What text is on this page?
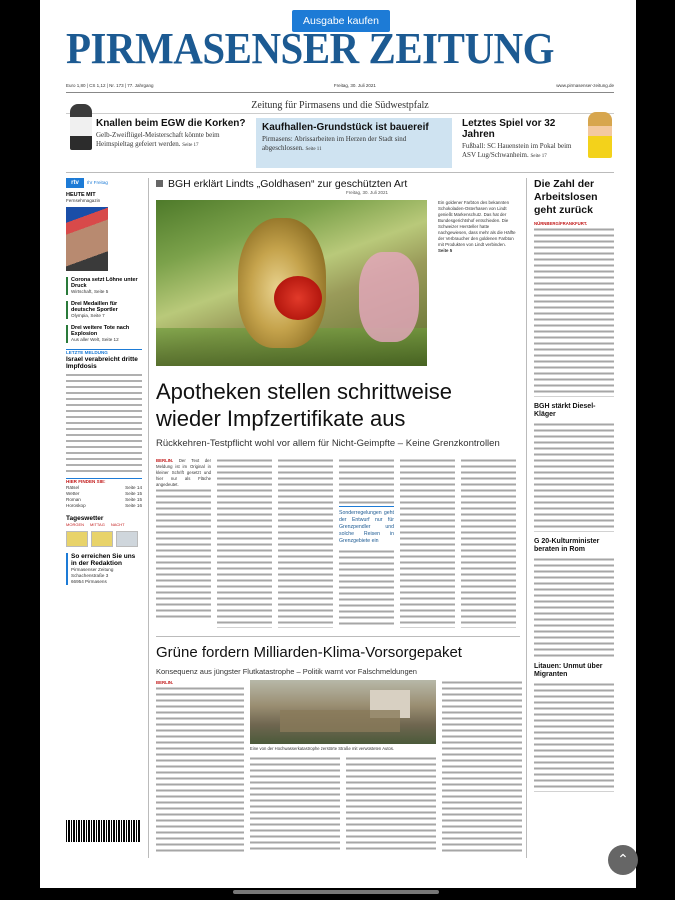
Ausgabe kaufen
PIRMASENSER ZEITUNG
Euro 1,80 | CS 1,12 | Nr. 173 | 77. Jahrgang	Freitag, 30. Juli 2021	www.pirmasenser-zeitung.de
Zeitung für Pirmasens und die Südwestpfalz
Knallen beim EGW die Korken?

Gelb-Zweiflügel-Meisterschaft könnte beim Heimspieltag gefeiert werden. Seite 17

Kaufhallen-Grundstück ist bauereif

Pirmasens: Abrissarbeiten im Herzen der Stadt sind abgeschlossen. Seite 11

Letztes Spiel vor 32 Jahren

Fußball: SC Hauenstein im Pokal beim ASV Lug/Schwanheim. Seite 17

rtv	Ihr Freitag
HEUTE MIT
Fernsehmagazin
Corona setzt Löhne unter Druck
Wirtschaft, Seite 5
Drei Medaillen für deutsche Sportler
Olympia, Seite 7
Drei weitere Tote nach Explosion
Aus aller Welt, Seite 12
LETZTE MELDUNG
Israel verabreicht dritte Impfdosis
HIER FINDEN SIE:
Rätsel	Seite 14
Wetter	Seite 15
Roman	Seite 15
Horoskop	Seite 16
Tageswetter
MORGEN MITTAG NACHT
So erreichen Sie uns in der Redaktion
Pirmasenser Zeitung
Schachenstraße 3
66954 Pirmasens
BGH erklärt Lindts „Goldhasen“ zur geschützten Art
Freitag, 30. Juli 2021
Ein goldener Farbton des bekannten Schokoladen-Osterhasen von Lindt genießt Markenschutz. Das hat der Bundesgerichtshof entschieden. Die Schweizer Hersteller hatte nachgewiesen, dass mehr als die Hälfte der Verbraucher den goldenen Farbton mit Produkten von Lindt verbinden. Seite 5
Apotheken stellen schrittweise
wieder Impfzertifikate aus
Rückkehren-Testpflicht wohl vor allem für Nicht-Geimpfte – Keine Grenzkontrollen
BERLIN. Der Text der Meldung ist im Original in kleiner Schrift gesetzt und hier nur als Fläche angedeutet.
Sonderregelungen geht der Entwurf nur für Grenzpendler und solche Reisen in Grenzgebiete ein
Grüne fordern Milliarden-Klima-Vorsorgepaket
Konsequenz aus jüngster Flutkatastrophe – Politik warnt vor Falschmeldungen
BERLIN.
Eine von der Hochwasserkatastrophe zerstörte Straße mit verwüsteten Autos.
Die Zahl der Arbeitslosen geht zurück
NÜRNBERG/FRANKFURT.
BGH stärkt Diesel-Kläger
G 20-Kulturminister beraten in Rom
Litauen: Unmut über Migranten
⌃
